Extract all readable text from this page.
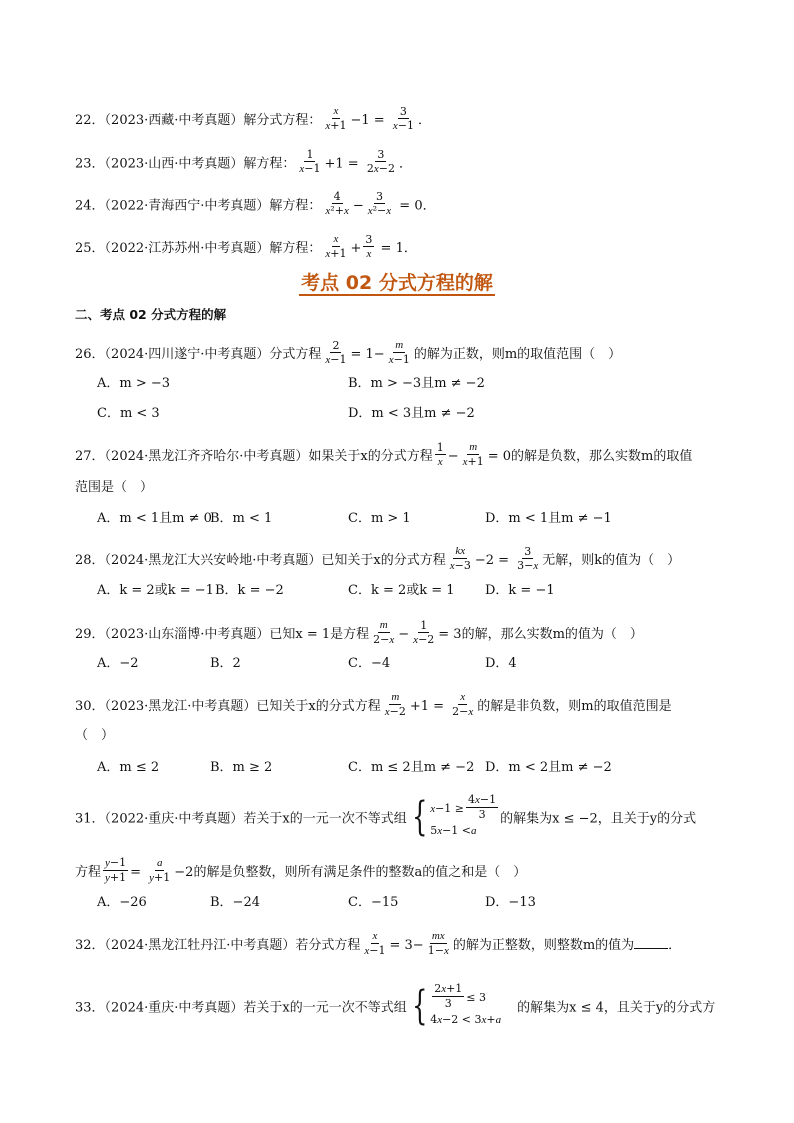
22．（2023·西藏·中考真题）解分式方程： $\frac{x}{x+1} -1 = \frac{3}{x-1}$ ．
23．（2023·山西·中考真题）解方程： $\frac{1}{x-1} +1 = \frac{3}{2x-2}$ ．
24．（2022·青海西宁·中考真题）解方程： $\frac{4}{\text{x²+x}} - \frac{3}{\text{x²−x}} = 0$．
25．（2022·江苏苏州·中考真题）解方程： $\frac{x}{x+1} + \frac{3}{x} = 1$．
考点 02 分式方程的解
二、考点 02 分式方程的解
26．（2024·四川遂宁·中考真题）分式方程 $\frac{2}{x-1} = 1- \frac{m}{x-1}$ 的解为正数，则m的取值范围（　）
A．m > −3	B．m > −3且m ≠ −2
C．m < 3	D．m < 3且m ≠ −2
27．（2024·黑龙江齐齐哈尔·中考真题）如果关于x的分式方程 $\frac{1}{x} - \frac{m}{x+1} = 0$的解是负数，那么实数m的取值
范围是（　）
A．m < 1且m ≠ 0
B．m < 1	C．m > 1	D．m < 1且m ≠ −1
28．（2024·黑龙江大兴安岭地·中考真题）已知关于x的分式方程 $\frac{kx}{x-3} -2 = \frac{3}{3-x}$ 无解，则k的值为（　）
A．k = 2或k = −1 B．k = −2	C．k = 2或k = 1 D．k = −1
29．（2023·山东淄博·中考真题）已知x = 1是方程 $\frac{m}{2-x} - \frac{1}{x-2} = 3$的解，那么实数m的值为（　）
A．−2	B．2	C．−4	D．4
30．（2023·黑龙江·中考真题）已知关于x的分式方程 $\frac{m}{x-2} +1 = \frac{x}{2-x}$ 的解是非负数，则m的取值范围是
（　）
A．m ≤ 2	B．m ≥ 2	C．m ≤ 2且m ≠ −2 D．m < 2且m ≠ −2
31．（2022·重庆·中考真题）若关于x的一元一次不等式组 { $x -1 \ge \frac{4x-1}{3}$
5 x −1 < a
的解集为x ≤ −2，且关于y的分式
方程 $\frac{y-1}{y+1} = \frac{a}{y+1} -2$的解是负整数，则所有满足条件的整数a的值之和是（　）
A．−26	B．−24	C．−15	D．−13
32．（2024·黑龙江牡丹江·中考真题）若分式方程 $\frac{x}{x-1} = 3- \frac{mx}{1-x}$ 的解为正整数，则整数m的值为	．
33．（2024·重庆·中考真题）若关于x的一元一次不等式组 { $\frac{2x+1}{3} \le 3$
4 x −2 < 3 x + a
的解集为x ≤ 4，且关于y的分式方
